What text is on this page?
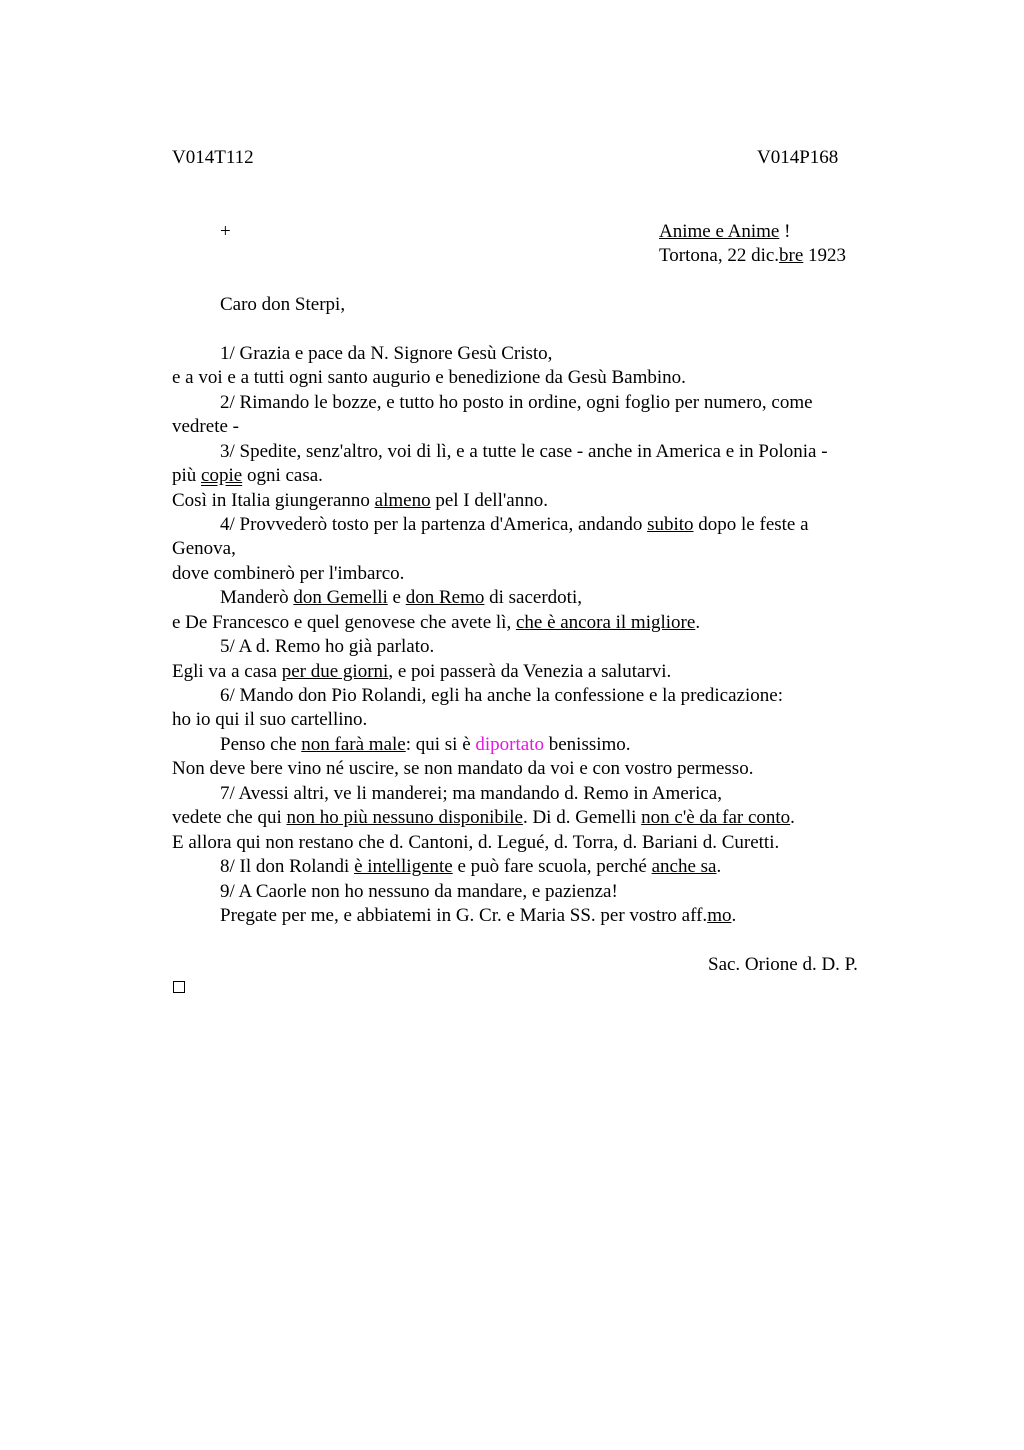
V014T112	V014P168
+	Anime e Anime !
Tortona, 22 dic.bre 1923
Caro don Sterpi,
1/ Grazia e pace da N. Signore Gesù Cristo,
e a voi e a tutti ogni santo augurio e benedizione da Gesù Bambino.
2/ Rimando le bozze, e tutto ho posto in ordine, ogni foglio per numero, come
vedrete -
3/ Spedite, senz'altro, voi di lì, e a tutte le case - anche in America e in Polonia -
più copie ogni casa.
Così in Italia giungeranno almeno pel I dell'anno.
4/ Provvederò tosto per la partenza d'America, andando subito dopo le feste a
Genova,
dove combinerò per l'imbarco.
Manderò don Gemelli e don Remo di sacerdoti,
e De Francesco e quel genovese che avete lì, che è ancora il migliore.
5/ A d. Remo ho già parlato.
Egli va a casa per due giorni, e poi passerà da Venezia a salutarvi.
6/ Mando don Pio Rolandi, egli ha anche la confessione e la predicazione:
ho io qui il suo cartellino.
Penso che non farà male: qui si è diportato benissimo.
Non deve bere vino né uscire, se non mandato da voi e con vostro permesso.
7/ Avessi altri, ve li manderei; ma mandando d. Remo in America,
vedete che qui non ho più nessuno disponibile. Di d. Gemelli non c'è da far conto.
E allora qui non restano che d. Cantoni, d. Legué, d. Torra, d. Bariani d. Curetti.
8/ Il don Rolandi è intelligente e può fare scuola, perché anche sa.
9/ A Caorle non ho nessuno da mandare, e pazienza!
Pregate per me, e abbiatemi in G. Cr. e Maria SS. per vostro aff.mo.
Sac. Orione d. D. P.
